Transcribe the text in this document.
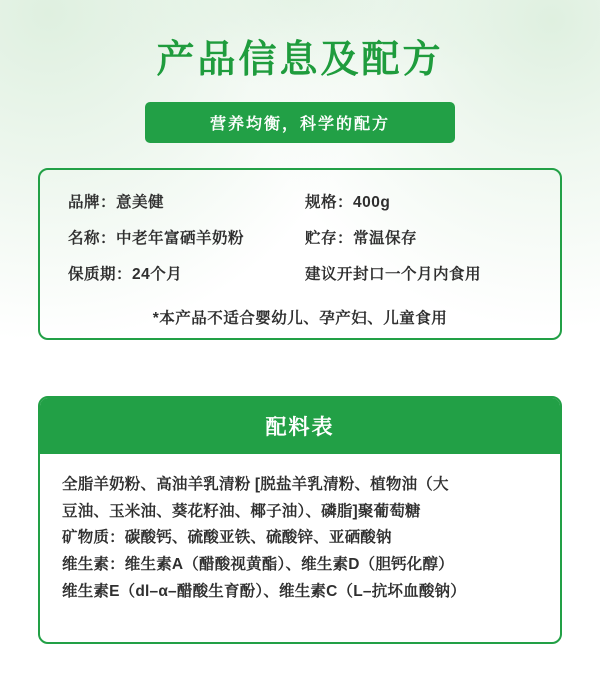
产品信息及配方
营养均衡，科学的配方
品牌：意美健	规格：400g
名称：中老年富硒羊奶粉	贮存：常温保存
保质期：24个月	建议开封口一个月内食用
*本产品不适合婴幼儿、孕产妇、儿童食用
配料表
全脂羊奶粉、高油羊乳清粉 [脱盐羊乳清粉、植物油（大
豆油、玉米油、葵花籽油、椰子油）、磷脂]聚葡萄糖
矿物质：碳酸钙、硫酸亚铁、硫酸锌、亚硒酸钠
维生素：维生素A（醋酸视黄酯）、维生素D（胆钙化醇）
维生素E（dl–α–醋酸生育酚）、维生素C（L–抗坏血酸钠）
